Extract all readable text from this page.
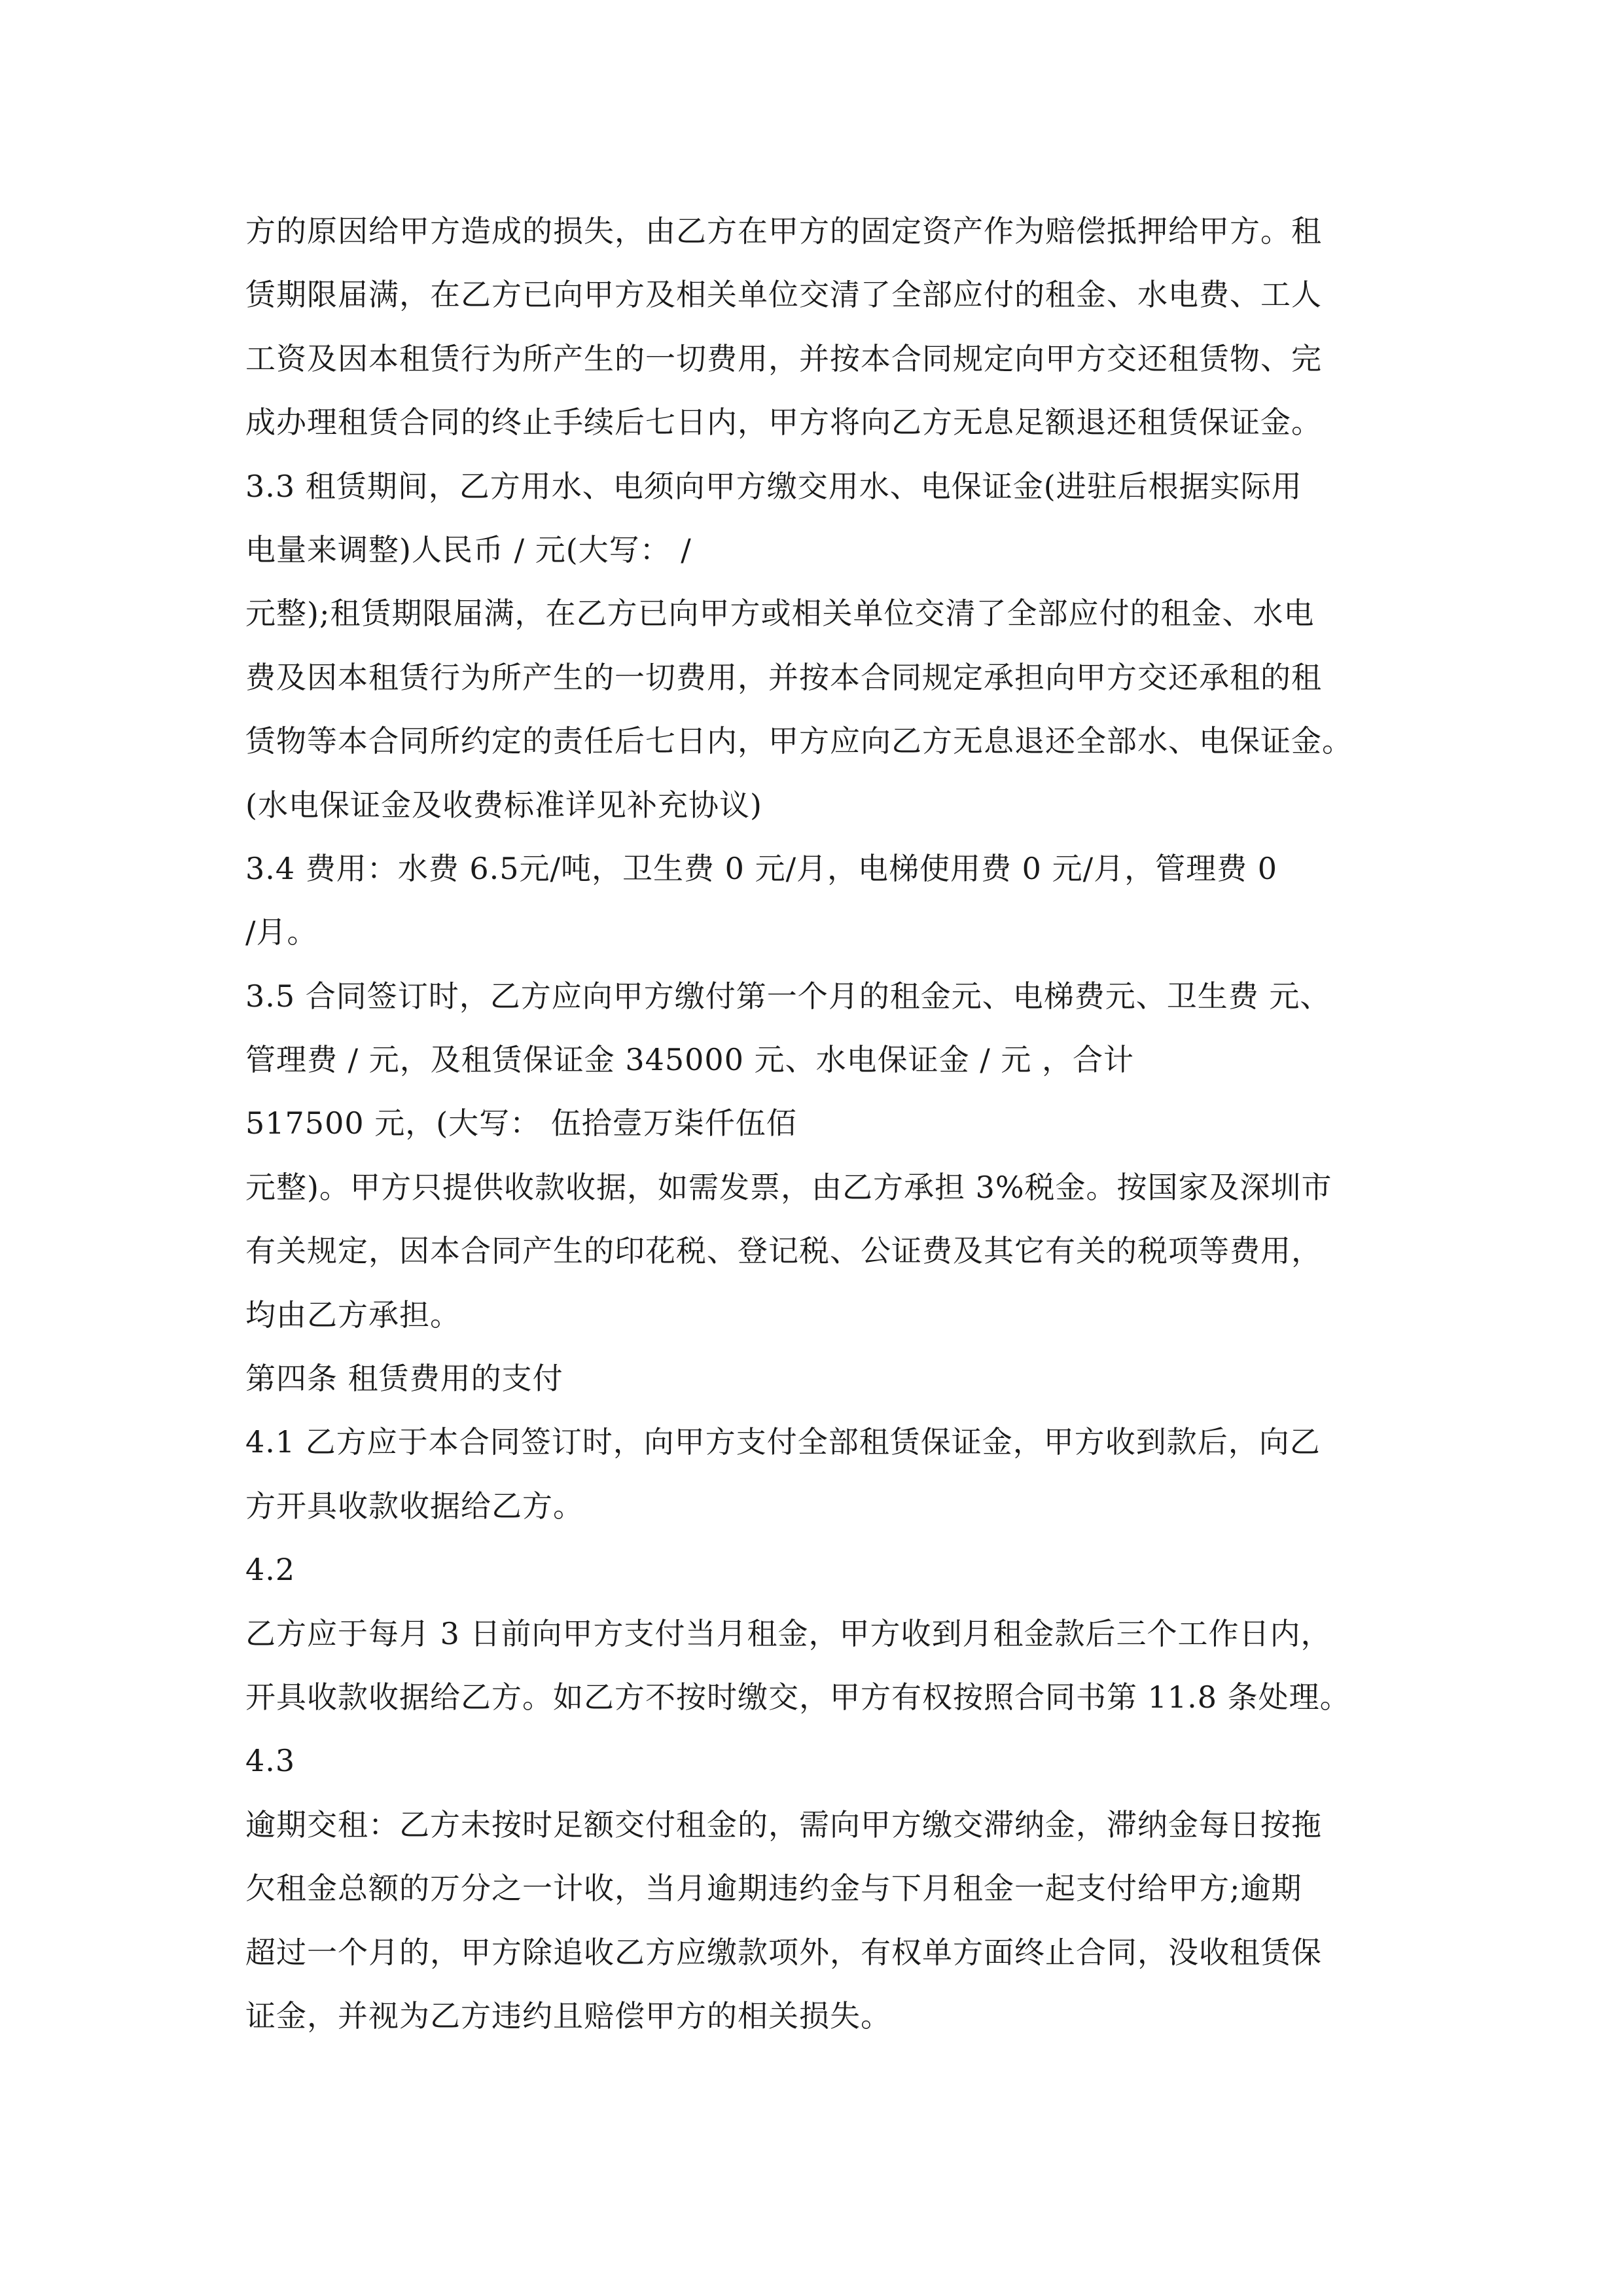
方的原因给甲方造成的损失，由乙方在甲方的固定资产作为赔偿抵押给甲方。租
赁期限届满，在乙方已向甲方及相关单位交清了全部应付的租金、水电费、工人
工资及因本租赁行为所产生的一切费用，并按本合同规定向甲方交还租赁物、完
成办理租赁合同的终止手续后七日内，甲方将向乙方无息足额退还租赁保证金。
3.3 租赁期间，乙方用水、电须向甲方缴交用水、电保证金(进驻后根据实际用
电量来调整)人民币 / 元(大写： /
元整);租赁期限届满，在乙方已向甲方或相关单位交清了全部应付的租金、水电
费及因本租赁行为所产生的一切费用，并按本合同规定承担向甲方交还承租的租
赁物等本合同所约定的责任后七日内，甲方应向乙方无息退还全部水、电保证金。
(水电保证金及收费标准详见补充协议)
3.4 费用：水费 6.5元/吨，卫生费 0 元/月，电梯使用费 0 元/月，管理费 0
/月。
3.5 合同签订时，乙方应向甲方缴付第一个月的租金元、电梯费元、卫生费 元、
管理费 / 元，及租赁保证金 345000 元、水电保证金 / 元 ，合计
517500 元，(大写： 伍拾壹万柒仟伍佰
元整)。甲方只提供收款收据，如需发票，由乙方承担 3%税金。按国家及深圳市
有关规定，因本合同产生的印花税、登记税、公证费及其它有关的税项等费用，
均由乙方承担。
第四条 租赁费用的支付
4.1 乙方应于本合同签订时，向甲方支付全部租赁保证金，甲方收到款后，向乙
方开具收款收据给乙方。
4.2
乙方应于每月 3 日前向甲方支付当月租金，甲方收到月租金款后三个工作日内，
开具收款收据给乙方。如乙方不按时缴交，甲方有权按照合同书第 11.8 条处理。
4.3
逾期交租：乙方未按时足额交付租金的，需向甲方缴交滞纳金，滞纳金每日按拖
欠租金总额的万分之一计收，当月逾期违约金与下月租金一起支付给甲方;逾期
超过一个月的，甲方除追收乙方应缴款项外，有权单方面终止合同，没收租赁保
证金，并视为乙方违约且赔偿甲方的相关损失。
